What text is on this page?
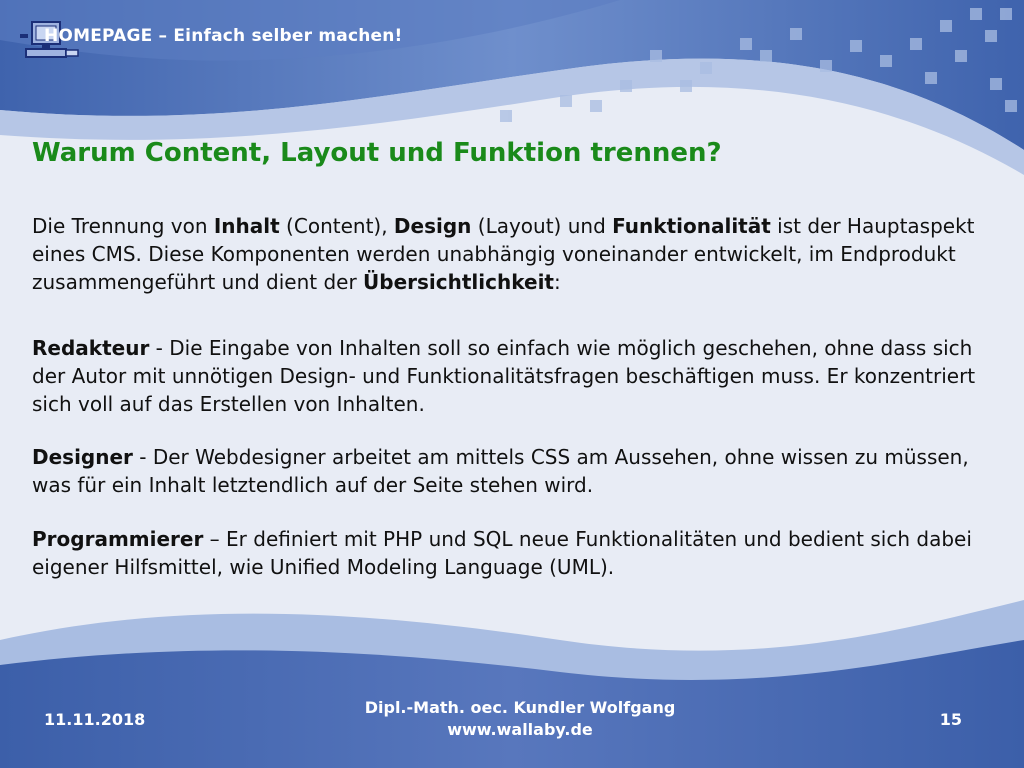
HOMEPAGE – Einfach selber machen!
Warum Content, Layout und Funktion trennen?

Die Trennung von Inhalt (Content), Design (Layout) und Funktionalität ist der Hauptaspekt eines CMS. Diese Komponenten werden unabhängig voneinander entwickelt, im Endprodukt zusammengeführt und dient der Übersichtlichkeit:

Redakteur - Die Eingabe von Inhalten soll so einfach wie möglich geschehen, ohne dass sich der Autor mit unnötigen Design- und Funktionalitätsfragen beschäftigen muss. Er konzentriert sich voll auf das Erstellen von Inhalten.

Designer - Der Webdesigner arbeitet am mittels CSS am Aussehen, ohne wissen zu müssen, was für ein Inhalt letztendlich auf der Seite stehen wird.

Programmierer – Er definiert mit PHP und SQL neue Funktionalitäten und bedient sich dabei eigener Hilfsmittel, wie Unified Modeling Language (UML).

11.11.2018
Dipl.-Math. oec. Kundler Wolfgang
www.wallaby.de
15
